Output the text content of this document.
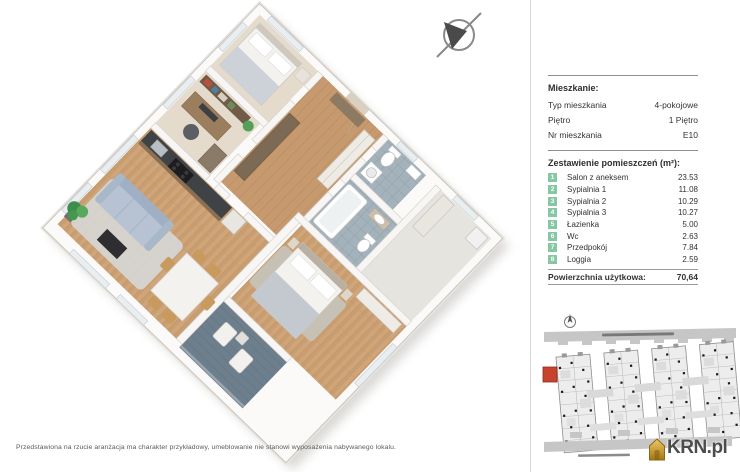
Mieszkanie:
Typ mieszkania	4-pokojowe
Piętro	1 Piętro
Nr mieszkania	E10
Zestawienie pomieszczeń (m²):
1	Salon z aneksem	23.53
2	Sypialnia 1	11.08
3	Sypialnia 2	10.29
4	Sypialnia 3	10.27
5	Łazienka	5.00
6	Wc	2.63
7	Przedpokój	7.84
8	Loggia	2.59
Powierzchnia użytkowa:	70,64
KRN.pl
Przedstawiona na rzucie aranżacja ma charakter przykładowy, umeblowanie nie stanowi wyposażenia nabywanego lokalu.
